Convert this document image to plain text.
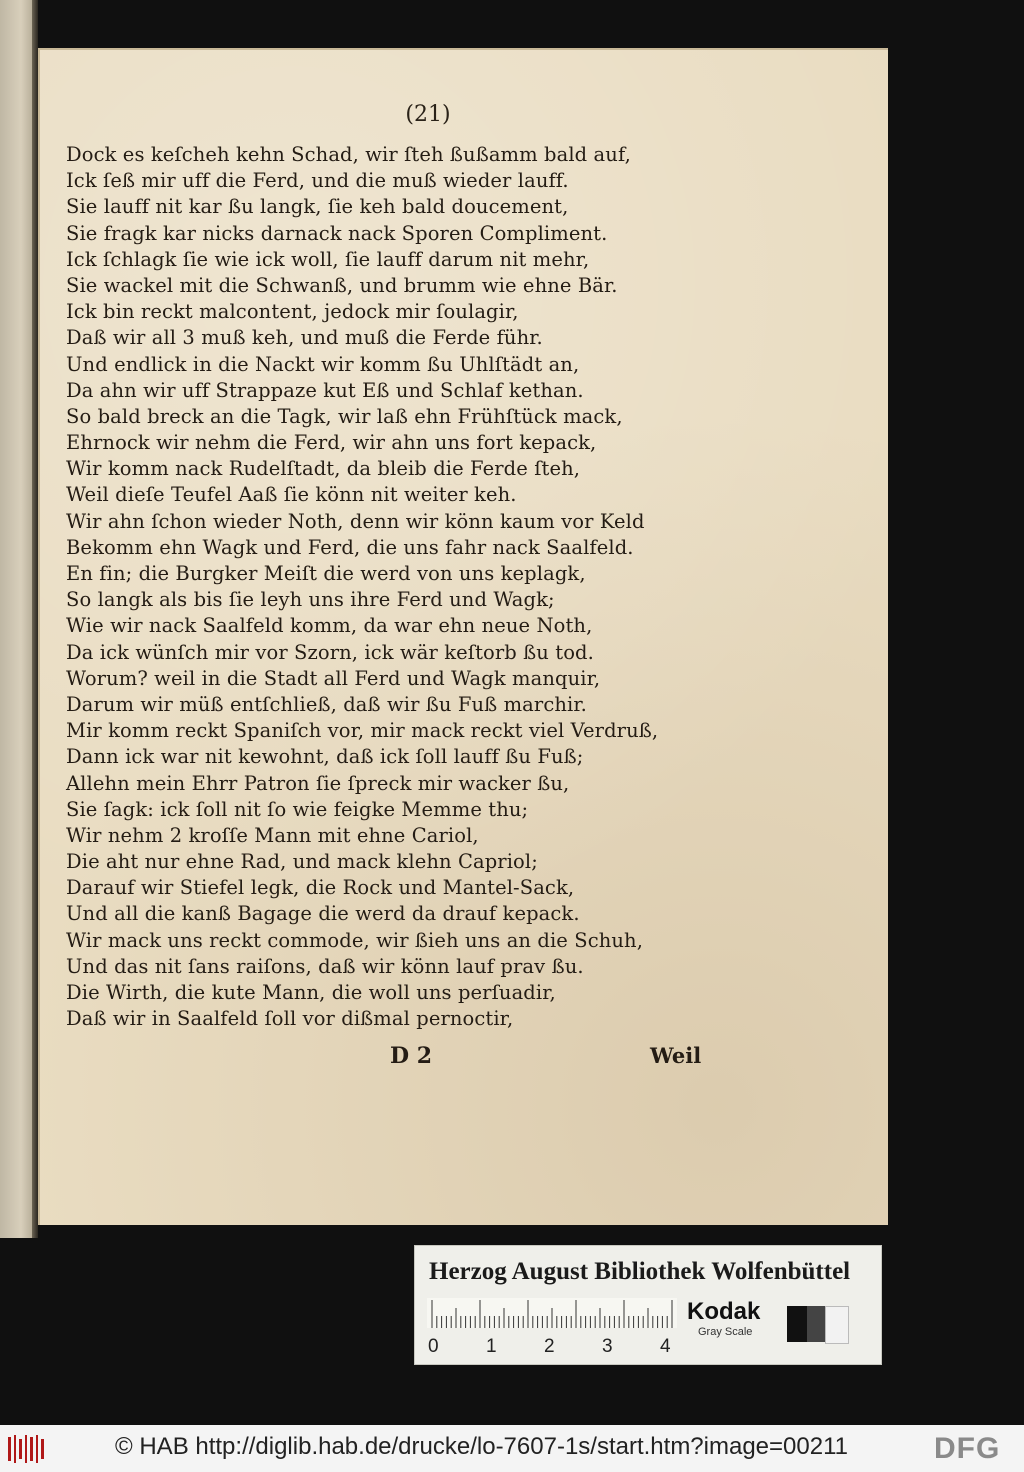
(21)
Dock es keſcheh kehn Schad, wir ſteh ßußamm bald auf,
Ick ſeß mir uff die Ferd, und die muß wieder lauff.
Sie lauff nit kar ßu langk, ſie keh bald doucement,
Sie fragk kar nicks darnack nack Sporen Compliment.
Ick ſchlagk ſie wie ick woll, ſie lauff darum nit mehr,
Sie wackel mit die Schwanß, und brumm wie ehne Bär.
Ick bin reckt malcontent, jedock mir ſoulagir,
Daß wir all 3 muß keh, und muß die Ferde führ.
Und endlick in die Nackt wir komm ßu Uhlſtädt an,
Da ahn wir uff Strappaze kut Eß und Schlaf kethan.
So bald breck an die Tagk, wir laß ehn Frühſtück mack,
Ehrnock wir nehm die Ferd, wir ahn uns fort kepack,
Wir komm nack Rudelſtadt, da bleib die Ferde ſteh,
Weil dieſe Teufel Aaß ſie könn nit weiter keh.
Wir ahn ſchon wieder Noth, denn wir könn kaum vor Keld
Bekomm ehn Wagk und Ferd, die uns fahr nack Saalfeld.
En fin; die Burgker Meiſt die werd von uns keplagk,
So langk als bis ſie leyh uns ihre Ferd und Wagk;
Wie wir nack Saalfeld komm, da war ehn neue Noth,
Da ick wünſch mir vor Szorn, ick wär keſtorb ßu tod.
Worum? weil in die Stadt all Ferd und Wagk manquir,
Darum wir müß entſchließ, daß wir ßu Fuß marchir.
Mir komm reckt Spaniſch vor, mir mack reckt viel Verdruß,
Dann ick war nit kewohnt, daß ick ſoll lauff ßu Fuß;
Allehn mein Ehrr Patron ſie ſpreck mir wacker ßu,
Sie ſagk: ick ſoll nit ſo wie feigke Memme thu;
Wir nehm 2 kroſſe Mann mit ehne Cariol,
Die aht nur ehne Rad, und mack klehn Capriol;
Darauf wir Stiefel legk, die Rock und Mantel-Sack,
Und all die kanß Bagage die werd da drauf kepack.
Wir mack uns reckt commode, wir ßieh uns an die Schuh,
Und das nit ſans raiſons, daß wir könn lauf prav ßu.
Die Wirth, die kute Mann, die woll uns perſuadir,
Daß wir in Saalfeld ſoll vor dißmal pernoctir,
D 2	Weil
Herzog August Bibliothek Wolfenbüttel
0 1 2 3 4
Kodak
Gray Scale
© HAB http://diglib.hab.de/drucke/lo-7607-1s/start.htm?image=00211	DFG
